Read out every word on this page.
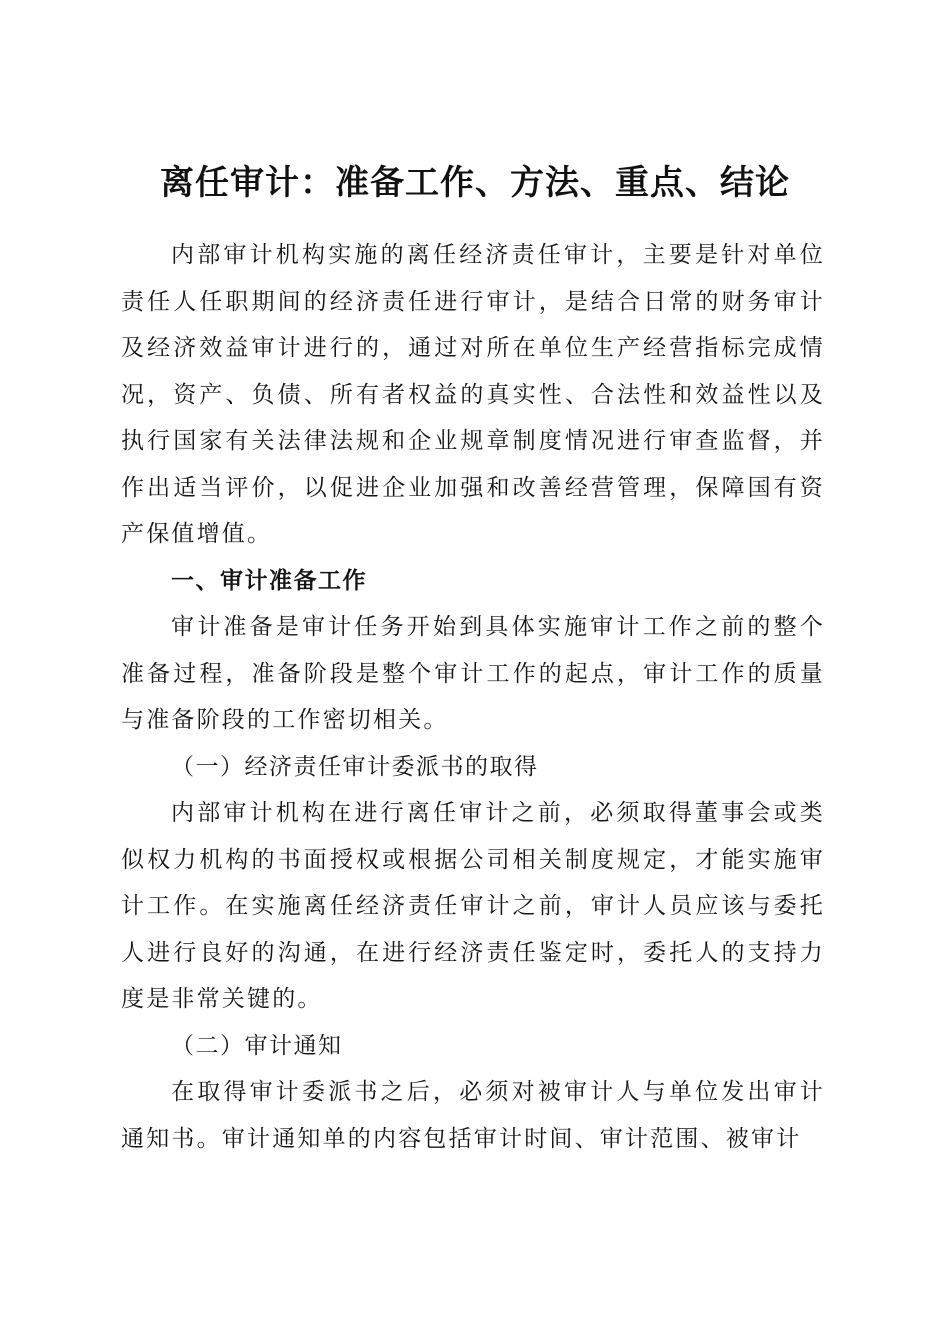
离任审计：准备工作、方法、重点、结论

内部审计机构实施的离任经济责任审计，主要是针对单位责任人任职期间的经济责任进行审计，是结合日常的财务审计及经济效益审计进行的，通过对所在单位生产经营指标完成情况，资产、负债、所有者权益的真实性、合法性和效益性以及执行国家有关法律法规和企业规章制度情况进行审查监督，并作出适当评价，以促进企业加强和改善经营管理，保障国有资产保值增值。

一、审计准备工作

审计准备是审计任务开始到具体实施审计工作之前的整个准备过程，准备阶段是整个审计工作的起点，审计工作的质量与准备阶段的工作密切相关。

（一）经济责任审计委派书的取得

内部审计机构在进行离任审计之前，必须取得董事会或类似权力机构的书面授权或根据公司相关制度规定，才能实施审计工作。在实施离任经济责任审计之前，审计人员应该与委托人进行良好的沟通，在进行经济责任鉴定时，委托人的支持力度是非常关键的。

（二）审计通知

在取得审计委派书之后，必须对被审计人与单位发出审计通知书。审计通知单的内容包括审计时间、审计范围、被审计
